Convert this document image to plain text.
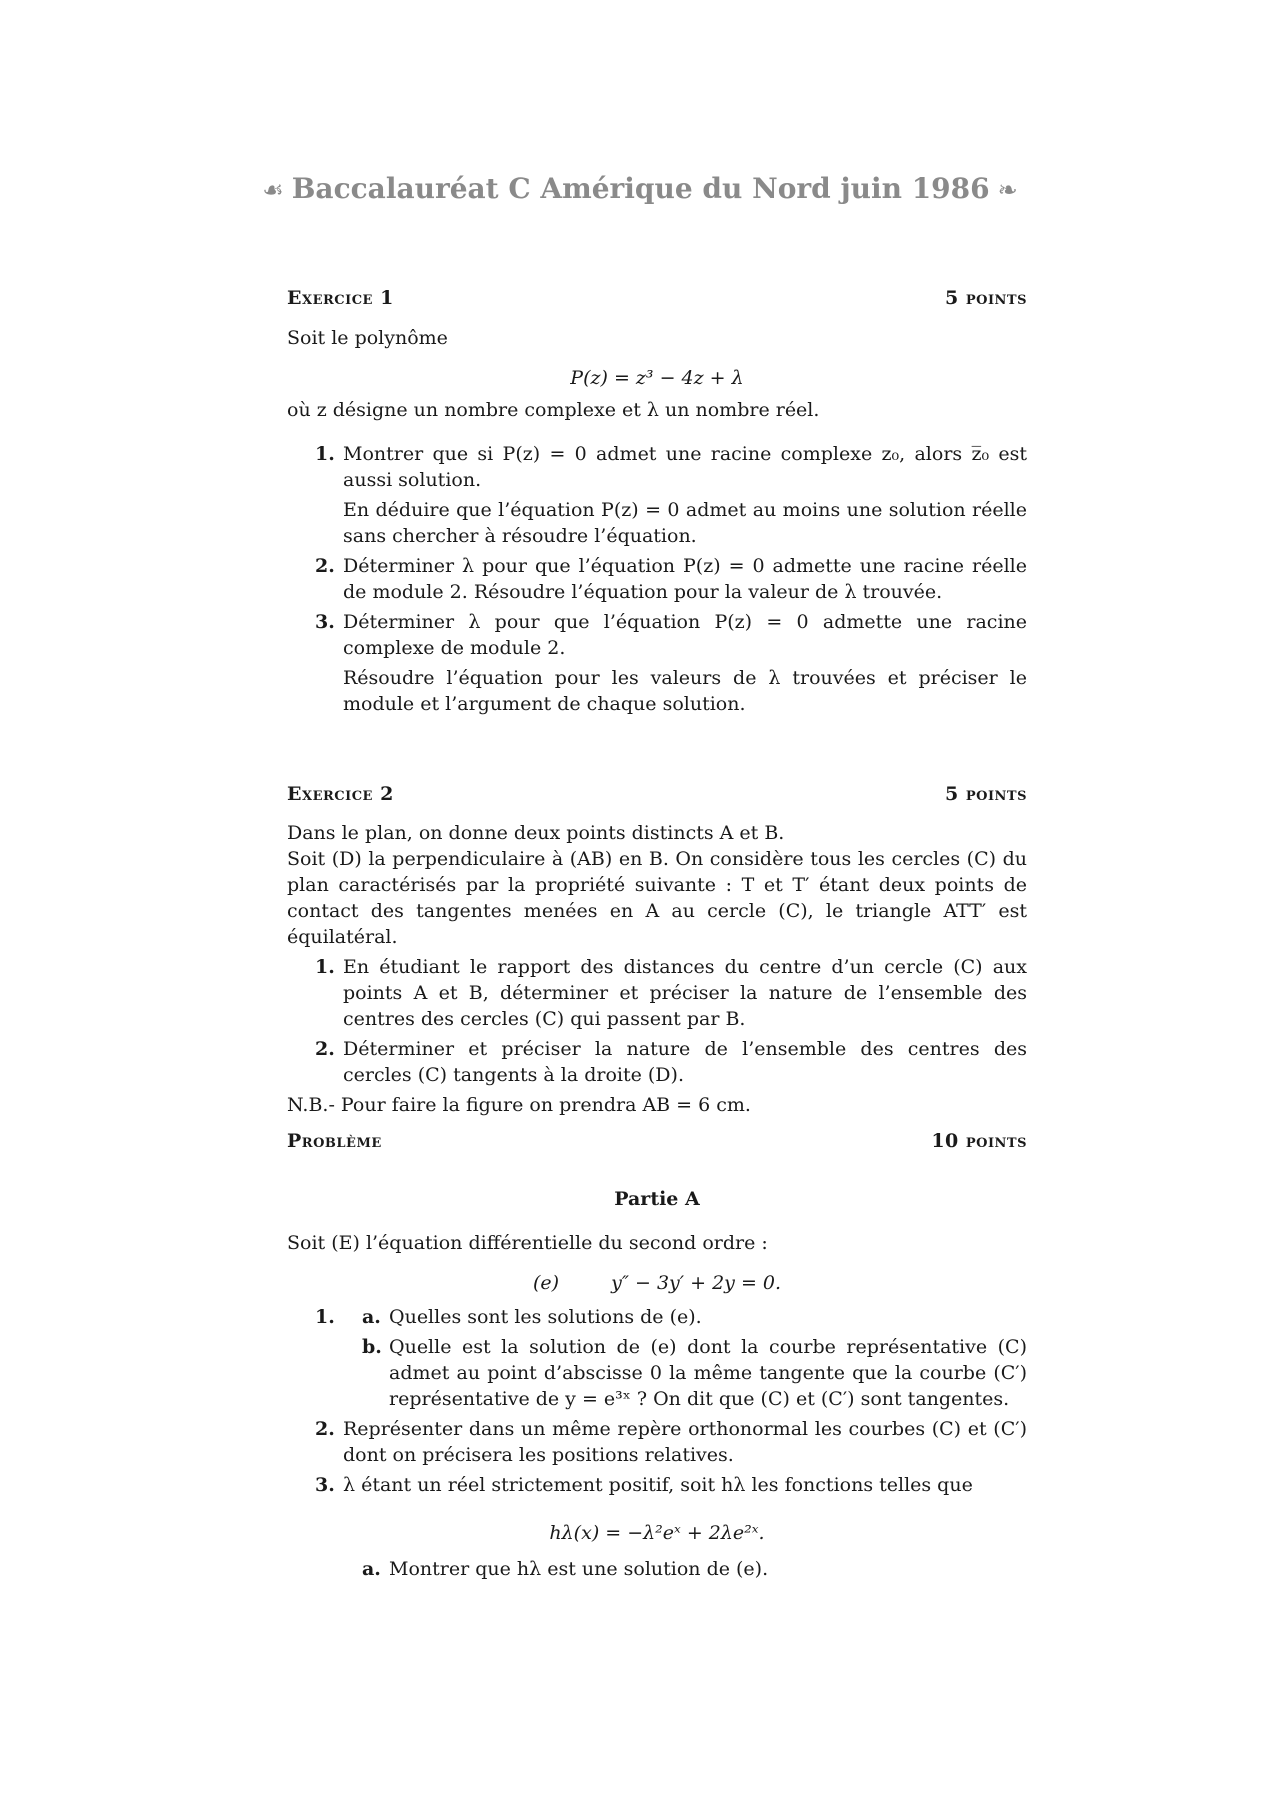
☙ Baccalauréat C Amérique du Nord juin 1986 ❧
Exercice 1	5 points

Soit le polynôme

P(z) = z³ − 4z + λ

où z désigne un nombre complexe et λ un nombre réel.

1. Montrer que si P(z) = 0 admet une racine complexe z₀, alors z̅₀ est aussi solution.

En déduire que l’équation P(z) = 0 admet au moins une solution réelle sans chercher à résoudre l’équation.

2. Déterminer λ pour que l’équation P(z) = 0 admette une racine réelle de module 2. Résoudre l’équation pour la valeur de λ trouvée.

3. Déterminer λ pour que l’équation P(z) = 0 admette une racine complexe de module 2.

Résoudre l’équation pour les valeurs de λ trouvées et préciser le module et l’argument de chaque solution.

Exercice 2	5 points

Dans le plan, on donne deux points distincts A et B.

Soit (D) la perpendiculaire à (AB) en B. On considère tous les cercles (C) du plan caractérisés par la propriété suivante : T et T′ étant deux points de contact des tangentes menées en A au cercle (C), le triangle ATT′ est équilatéral.

1. En étudiant le rapport des distances du centre d’un cercle (C) aux points A et B, déterminer et préciser la nature de l’ensemble des centres des cercles (C) qui passent par B.

2. Déterminer et préciser la nature de l’ensemble des centres des cercles (C) tangents à la droite (D).

N.B.- Pour faire la figure on prendra AB = 6 cm.

Problème	10 points

Partie A

Soit (E) l’équation différentielle du second ordre :

(e)	y″ − 3y′ + 2y = 0.

1. a. Quelles sont les solutions de (e).

b. Quelle est la solution de (e) dont la courbe représentative (C) admet au point d’abscisse 0 la même tangente que la courbe (C′) représentative de y = e³ˣ ? On dit que (C) et (C′) sont tangentes.

2. Représenter dans un même repère orthonormal les courbes (C) et (C′) dont on précisera les positions relatives.

3. λ étant un réel strictement positif, soit hλ les fonctions telles que

hλ(x) = −λ²eˣ + 2λe²ˣ.

a. Montrer que hλ est une solution de (e).
